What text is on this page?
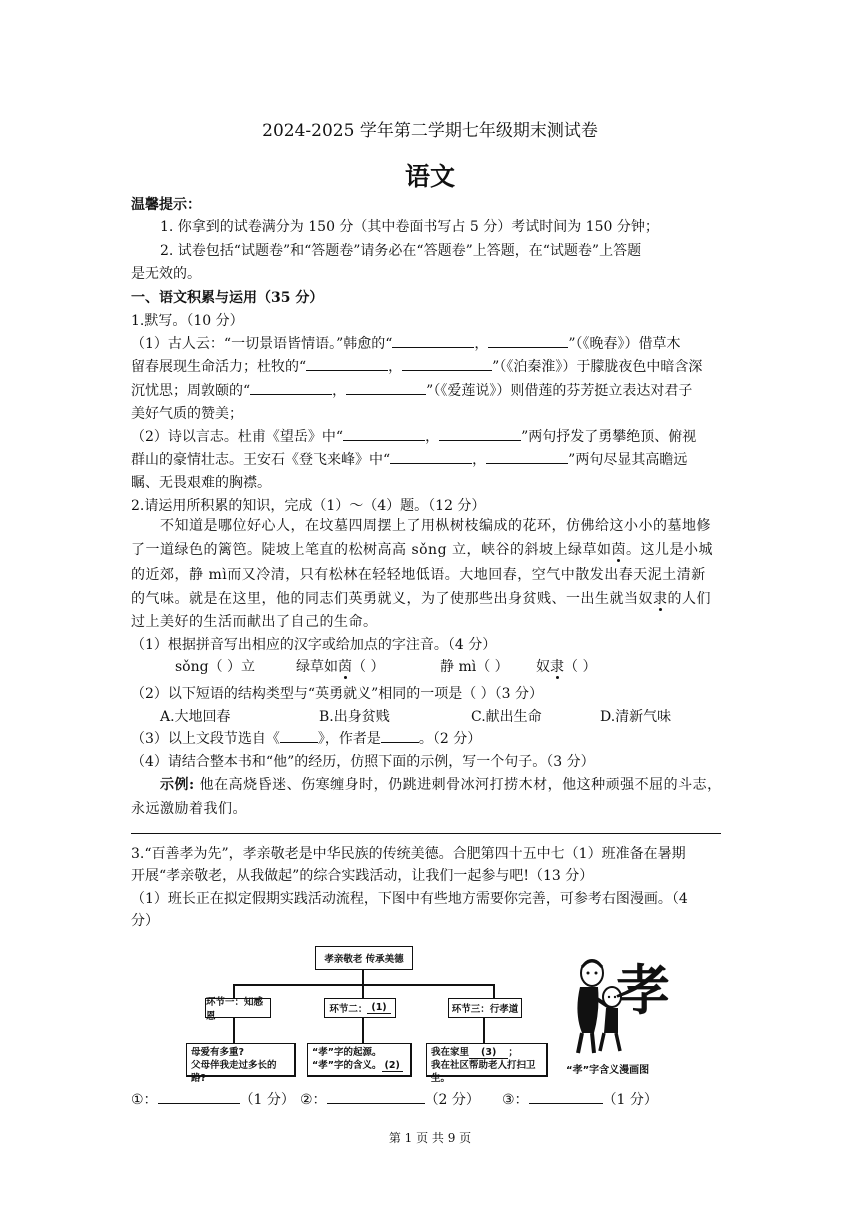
2024-2025 学年第二学期七年级期末测试卷
语文
温馨提示：
1. 你拿到的试卷满分为 150 分（其中卷面书写占 5 分）考试时间为 150 分钟；
2. 试卷包括“试题卷”和“答题卷”请务必在“答题卷”上答题，在“试题卷”上答题
是无效的。
一、语文积累与运用（35 分）
1.默写。（10 分）
（1）古人云：“一切景语皆情语。”韩愈的“	，	”（《晚春》）借草木
留春展现生命活力；杜牧的“	，	”（《泊秦淮》）于朦胧夜色中暗含深
沉忧思；周敦颐的“	，	”（《爱莲说》）则借莲的芬芳挺立表达对君子
美好气质的赞美；
（2）诗以言志。杜甫《望岳》中“	，	”两句抒发了勇攀绝顶、俯视
群山的豪情壮志。王安石《登飞来峰》中“	，	”两句尽显其高瞻远
瞩、无畏艰难的胸襟。
2.请运用所积累的知识，完成（1）～（4）题。（12 分）
不知道是哪位好心人，在坟墓四周摆上了用枞树枝编成的花环，仿佛给这小小的墓地修
了一道绿色的篱笆。陡坡上笔直的松树高高 sǒng 立，峡谷的斜坡上绿草如茵。这儿是小城
的近郊，静 mì而又冷清，只有松林在轻轻地低语。大地回春，空气中散发出春天泥土清新
的气味。就是在这里，他的同志们英勇就义，为了使那些出身贫贱、一出生就当奴隶的人们
过上美好的生活而献出了自己的生命。
（1）根据拼音写出相应的汉字或给加点的字注音。（4 分）
sǒng（ ）立	绿草如茵（ ）	静 mì（ ） 奴隶（ ）
（2）以下短语的结构类型与“英勇就义”相同的一项是（ ）（3 分）
A.大地回春	B.出身贫贱	C.献出生命	D.清新气味
（3）以上文段节选自《	》，作者是	。（2 分）
（4）请结合整本书和“他”的经历，仿照下面的示例，写一个句子。（3 分）
示例: 他在高烧昏迷、伤寒缠身时，仍跳进刺骨冰河打捞木材，他这种顽强不屈的斗志，
永远激励着我们。
3.“百善孝为先”，孝亲敬老是中华民族的传统美德。合肥第四十五中七（1）班准备在暑期
开展“孝亲敬老，从我做起”的综合实践活动，让我们一起参与吧!（13 分）
（1）班长正在拟定假期实践活动流程，下图中有些地方需要你完善，可参考右图漫画。（4
分）
孝亲敬老 传承美德
环节一：知感恩
环节二： (1)	环节三：行孝道
母爱有多重?
父母伴我走过多长的路?
“孝”字的起源。
“孝”字的含义。 (2)
我在家里 (3) ；
我在社区帮助老人打扫卫生。
孝
“孝”字含义漫画图
①：	（1 分） ②：	（2 分） ③：	（1 分）
第 1 页 共 9 页
